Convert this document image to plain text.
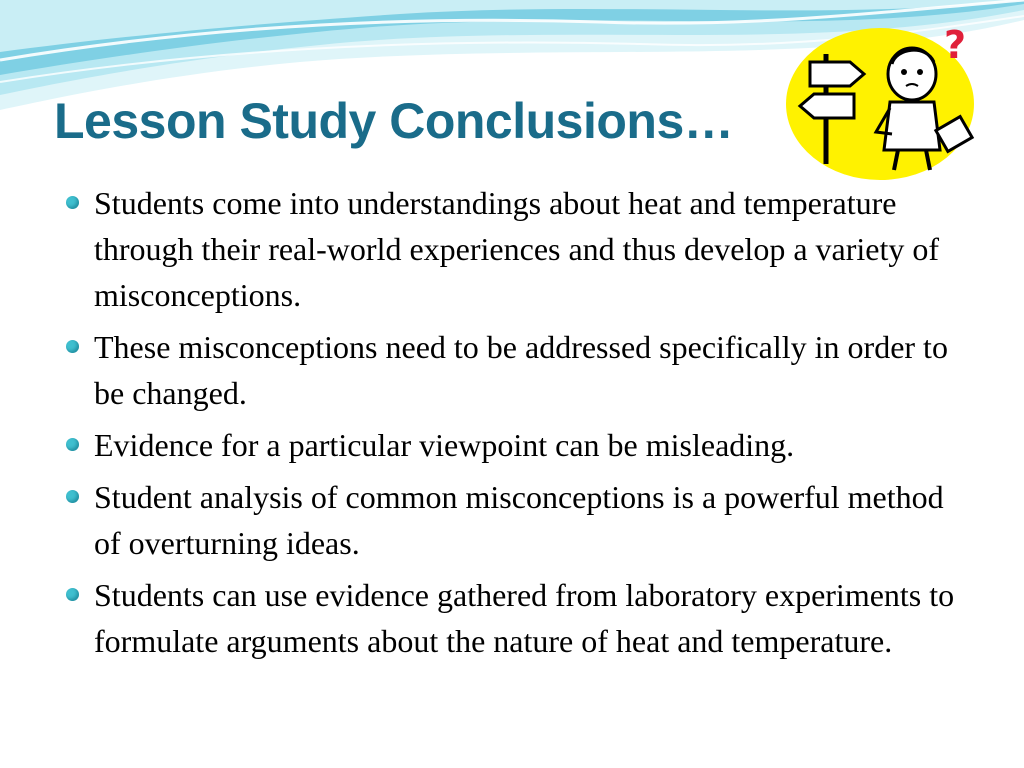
Lesson Study Conclusions…
?
Students come into understandings about heat and temperature through their real-world experiences and thus develop a variety of misconceptions.
These misconceptions need to be addressed specifically in order to be changed.
Evidence for a particular viewpoint can be misleading.
Student analysis of common misconceptions is a powerful method of overturning ideas.
Students can use evidence gathered from laboratory experiments to formulate arguments about the nature of heat and temperature.
